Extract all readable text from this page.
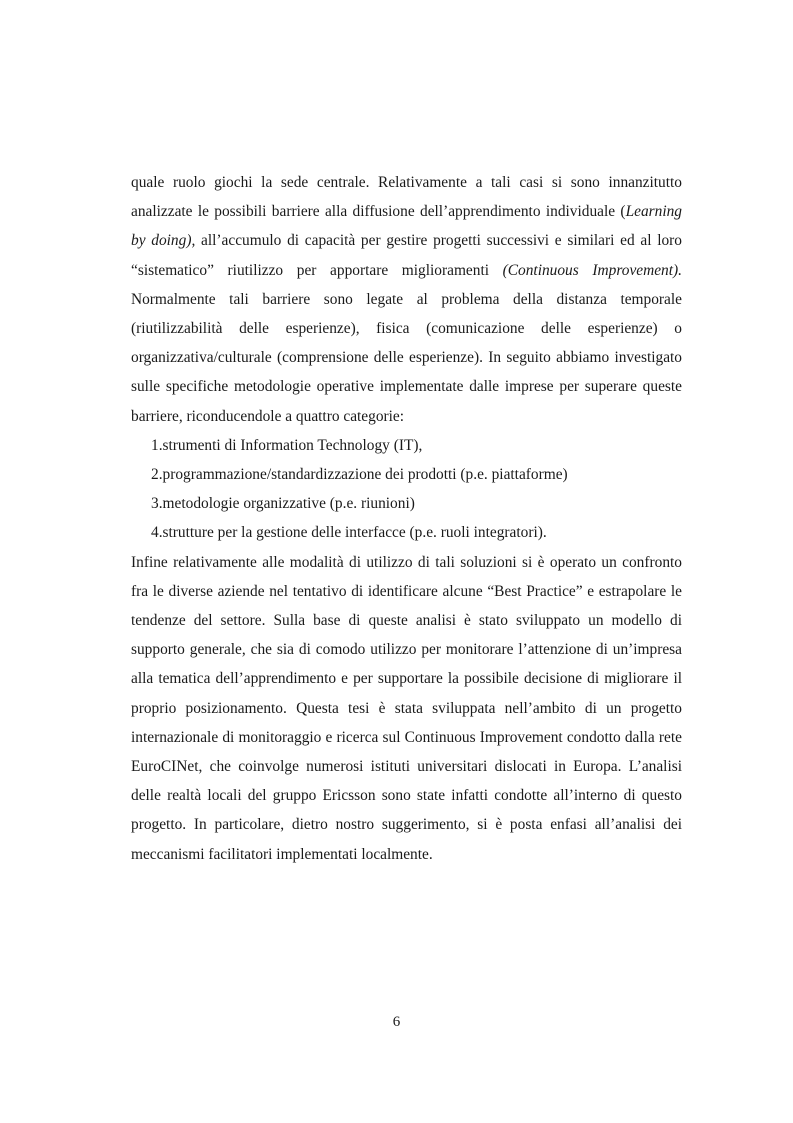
quale ruolo giochi la sede centrale. Relativamente a tali casi si sono innanzitutto analizzate le possibili barriere alla diffusione dell’apprendimento individuale (Learning by doing), all’accumulo di capacità per gestire progetti successivi e similari ed al loro “sistematico” riutilizzo per apportare miglioramenti (Continuous Improvement). Normalmente tali barriere sono legate al problema della distanza temporale (riutilizzabilità delle esperienze), fisica (comunicazione delle esperienze) o organizzativa/culturale (comprensione delle esperienze). In seguito abbiamo investigato sulle specifiche metodologie operative implementate dalle imprese per superare queste barriere, riconducendole a quattro categorie:

1.strumenti di Information Technology (IT),
2.programmazione/standardizzazione dei prodotti (p.e. piattaforme)
3.metodologie organizzative (p.e. riunioni)
4.strutture per la gestione delle interfacce (p.e. ruoli integratori).

Infine relativamente alle modalità di utilizzo di tali soluzioni si è operato un confronto fra le diverse aziende nel tentativo di identificare alcune “Best Practice” e estrapolare le tendenze del settore. Sulla base di queste analisi è stato sviluppato un modello di supporto generale, che sia di comodo utilizzo per monitorare l’attenzione di un’impresa alla tematica dell’apprendimento e per supportare la possibile decisione di migliorare il proprio posizionamento. Questa tesi è stata sviluppata nell’ambito di un progetto internazionale di monitoraggio e ricerca sul Continuous Improvement condotto dalla rete EuroCINet, che coinvolge numerosi istituti universitari dislocati in Europa. L’analisi delle realtà locali del gruppo Ericsson sono state infatti condotte all’interno di questo progetto. In particolare, dietro nostro suggerimento, si è posta enfasi all’analisi dei meccanismi facilitatori implementati localmente.

6
